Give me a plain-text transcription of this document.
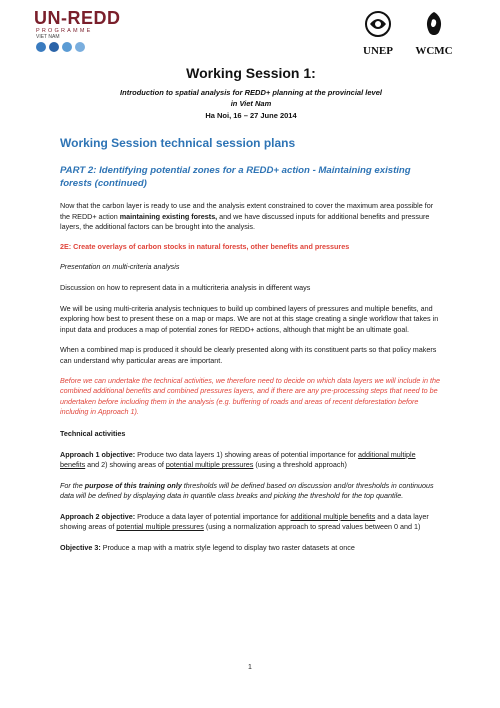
UN-REDD
PROGRAMME
VIET NAM
UNEP	WCMC
Working Session 1:
Introduction to spatial analysis for REDD+ planning at the provincial level
in Viet Nam
Ha Noi, 16 – 27 June 2014
Working Session technical session plans
PART 2: Identifying potential zones for a REDD+ action - Maintaining existing forests (continued)

Now that the carbon layer is ready to use and the analysis extent constrained to cover the maximum area possible for the REDD+ action maintaining existing forests, and we have discussed inputs for additional benefits and pressure layers, the additional factors can be brought into the analysis.

2E: Create overlays of carbon stocks in natural forests, other benefits and pressures

Presentation on multi-criteria analysis

Discussion on how to represent data in a multicriteria analysis in different ways

We will be using multi-criteria analysis techniques to build up combined layers of pressures and multiple benefits, and exploring how best to present these on a map or maps. We are not at this stage creating a single workflow that takes in input data and produces a map of potential zones for REDD+ actions, although that might be an ultimate goal.

When a combined map is produced it should be clearly presented along with its constituent parts so that policy makers can understand why particular areas are important.

Before we can undertake the technical activities, we therefore need to decide on which data layers we will include in the combined additional benefits and combined pressures layers, and if there are any pre-processing steps that need to be undertaken before including them in the analysis (e.g. buffering of roads and areas of recent deforestation before including in Approach 1).

Technical activities

Approach 1 objective: Produce two data layers 1) showing areas of potential importance for additional multiple benefits and 2) showing areas of potential multiple pressures (using a threshold approach)

For the purpose of this training only thresholds will be defined based on discussion and/or thresholds in continuous data will be defined by displaying data in quantile class breaks and picking the threshold for the top quantile.

Approach 2 objective: Produce a data layer of potential importance for additional multiple benefits and a data layer showing areas of potential multiple pressures (using a normalization approach to spread values between 0 and 1)

Objective 3: Produce a map with a matrix style legend to display two raster datasets at once

1
